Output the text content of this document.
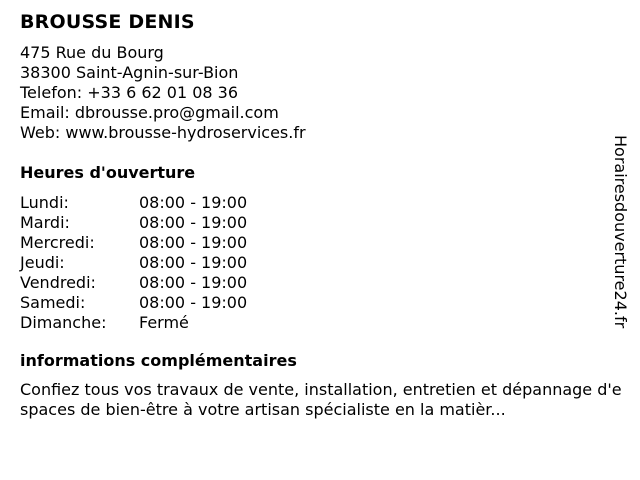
BROUSSE DENIS
475 Rue du Bourg
38300 Saint-Agnin-sur-Bion
Telefon: +33 6 62 01 08 36
Email: dbrousse.pro@gmail.com
Web: www.brousse-hydroservices.fr
Heures d'ouverture
Lundi:	08:00 - 19:00
Mardi:	08:00 - 19:00
Mercredi:	08:00 - 19:00
Jeudi:	08:00 - 19:00
Vendredi:	08:00 - 19:00
Samedi:	08:00 - 19:00
Dimanche:	Fermé
informations complémentaires
Confiez tous vos travaux de vente, installation, entretien et dépannage d'espaces de bien-être à votre artisan spécialiste en la matièr...
Horairesdouverture24.fr
